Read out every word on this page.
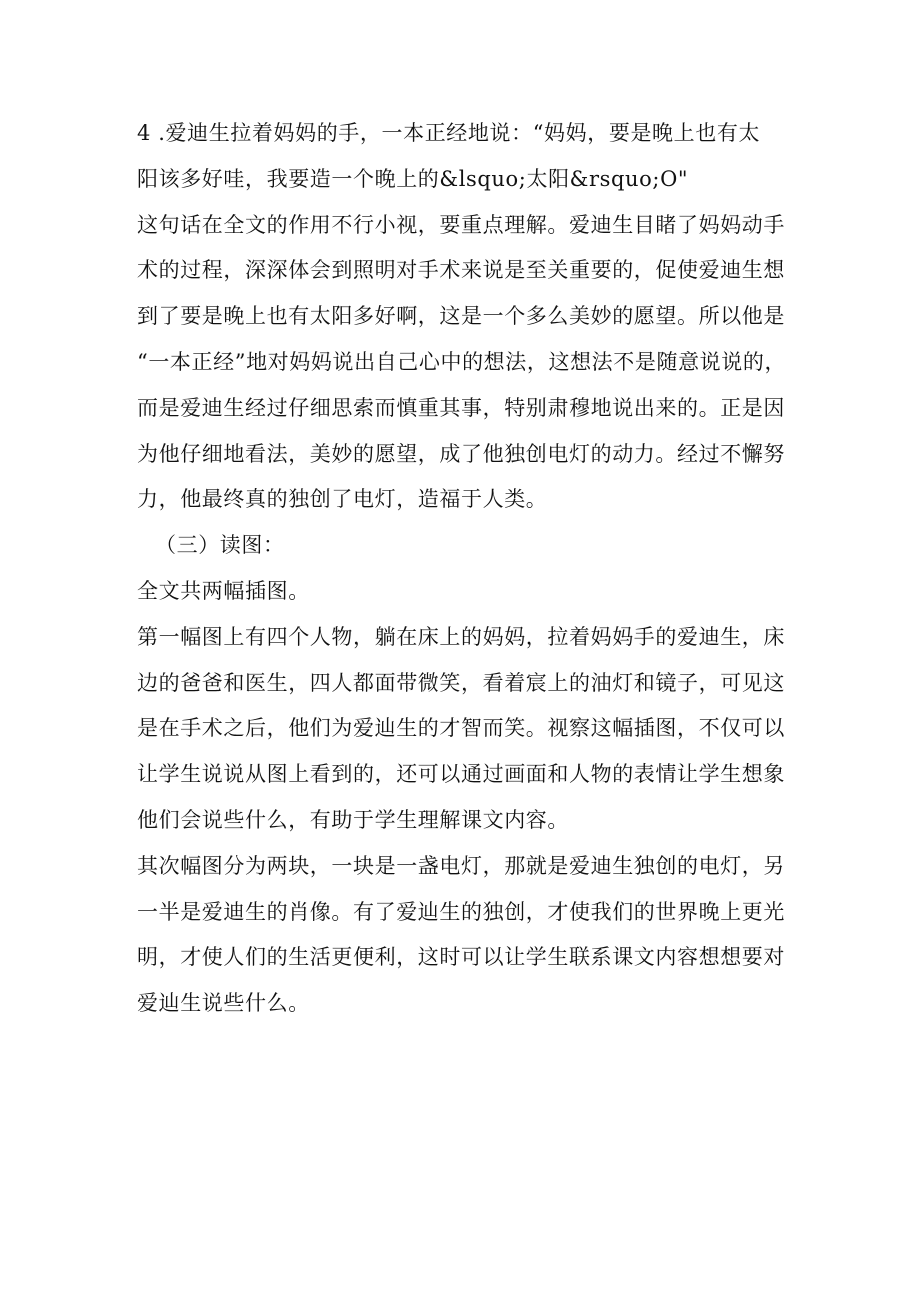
4 .爱迪生拉着妈妈的手，一本正经地说：“妈妈，要是晚上也有太
阳该多好哇，我要造一个晚上的&lsquo;太阳&rsquo;O"

这句话在全文的作用不行小视，要重点理解。爱迪生目睹了妈妈动手
术的过程，深深体会到照明对手术来说是至关重要的，促使爱迪生想
到了要是晚上也有太阳多好啊，这是一个多么美妙的愿望。所以他是
“一本正经”地对妈妈说出自己心中的想法，这想法不是随意说说的，
而是爱迪生经过仔细思索而慎重其事，特别肃穆地说出来的。正是因
为他仔细地看法，美妙的愿望，成了他独创电灯的动力。经过不懈努
力，他最终真的独创了电灯，造福于人类。

（三）读图：

全文共两幅插图。

第一幅图上有四个人物，躺在床上的妈妈，拉着妈妈手的爱迪生，床
边的爸爸和医生，四人都面带微笑，看着宸上的油灯和镜子，可见这
是在手术之后，他们为爱辿生的才智而笑。视察这幅插图，不仅可以
让学生说说从图上看到的，还可以通过画面和人物的表情让学生想象
他们会说些什么，有助于学生理解课文内容。

其次幅图分为两块，一块是一盏电灯，那就是爱迪生独创的电灯，另
一半是爱迪生的肖像。有了爱辿生的独创，才使我们的世界晚上更光
明，才使人们的生活更便利，这时可以让学生联系课文内容想想要对
爱辿生说些什么。
